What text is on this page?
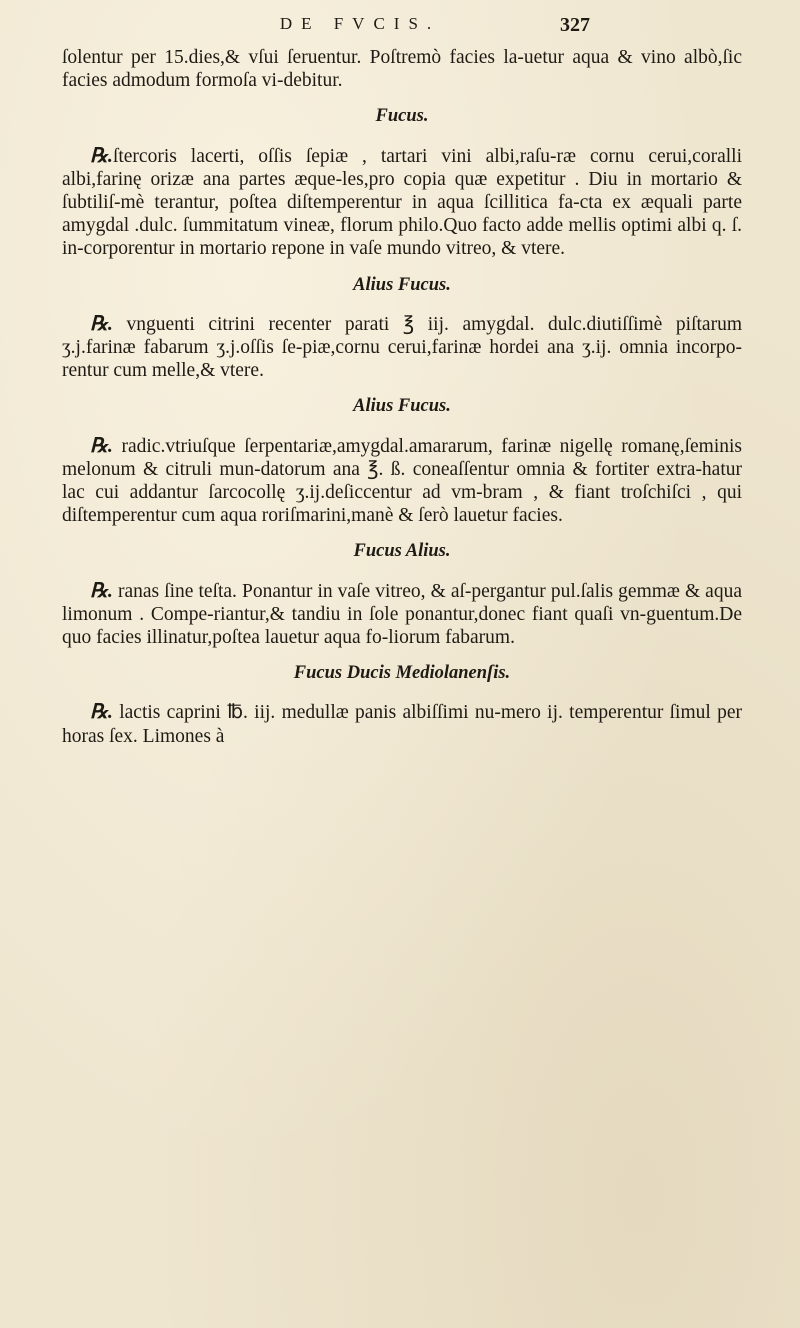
DE FVCIS.	327

ſolentur per 15.dies,& vſui ſeruentur. Poſtremò facies la-uetur aqua & vino albò,ſic facies admodum formoſa vi-debitur.

Fucus.

℞.ſtercoris lacerti, oſſis ſepiæ , tartari vini albi,raſu-ræ cornu cerui,coralli albi,farinę orizæ ana partes æque-les,pro copia quæ expetitur . Diu in mortario & ſubtiliſ-mè terantur, poſtea diſtemperentur in aqua ſcillitica fa-cta ex æquali parte amygdal .dulc. ſummitatum vineæ, florum philo.Quo facto adde mellis optimi albi q. ſ. in-corporentur in mortario repone in vaſe mundo vitreo, & vtere.

Alius Fucus.

℞. vnguenti citrini recenter parati ℥ iij. amygdal. dulc.diutiſſimè piſtarum ʒ.j.farinæ fabarum ʒ.j.oſſis ſe-piæ,cornu cerui,farinæ hordei ana ʒ.ij. omnia incorpo-rentur cum melle,& vtere.

Alius Fucus.

℞. radic.vtriuſque ſerpentariæ,amygdal.amararum, farinæ nigellę romanę,ſeminis melonum & citruli mun-datorum ana ℥. ß. coneaſſentur omnia & fortiter extra-hatur lac cui addantur ſarcocollę ʒ.ij.deſiccentur ad vm-bram , & fiant troſchiſci , qui diſtemperentur cum aqua roriſmarini,manè & ſerò lauetur facies.

Fucus Alius.

℞. ranas ſine teſta. Ponantur in vaſe vitreo, & aſ-pergantur pul.ſalis gemmæ & aqua limonum . Compe-riantur,& tandiu in ſole ponantur,donec fiant quaſi vn-guentum.De quo facies illinatur,poſtea lauetur aqua fo-liorum fabarum.

Fucus Ducis Mediolanenſis.

℞. lactis caprini ℔. iij. medullæ panis albiſſimi nu-mero ij. temperentur ſimul per horas ſex. Limones à
